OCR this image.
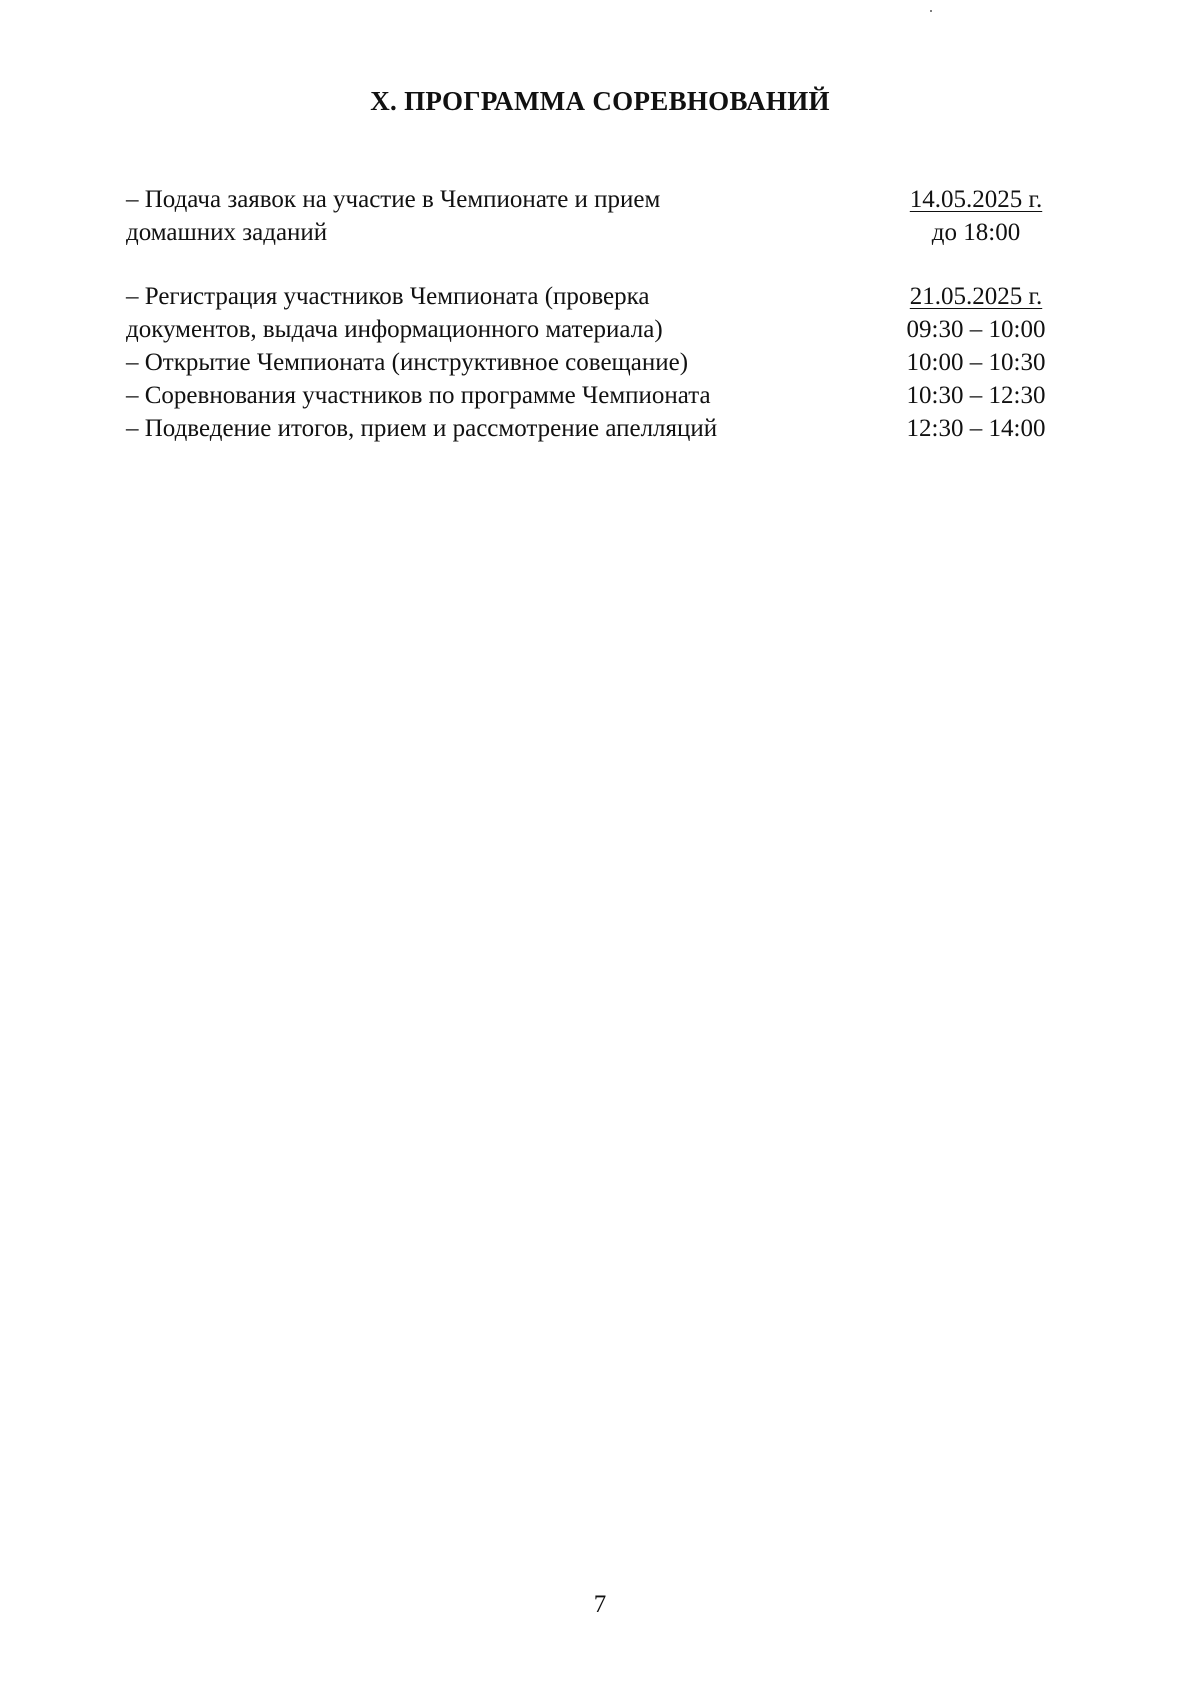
X. ПРОГРАММА СОРЕВНОВАНИЙ
– Подача заявок на участие в Чемпионате и прием	14.05.2025 г.
домашних заданий	до 18:00
– Регистрация участников Чемпионата (проверка	21.05.2025 г.
документов, выдача информационного материала)	09:30 – 10:00
– Открытие Чемпионата (инструктивное совещание)	10:00 – 10:30
– Соревнования участников по программе Чемпионата	10:30 – 12:30
– Подведение итогов, прием и рассмотрение апелляций	12:30 – 14:00
7
